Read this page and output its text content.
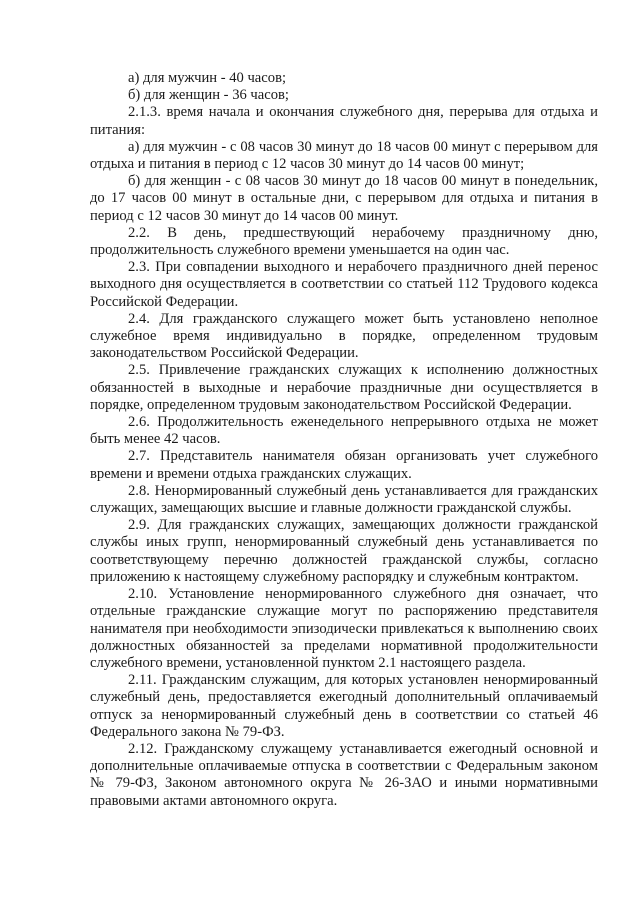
а) для мужчин - 40 часов;

б) для женщин - 36 часов;

2.1.3. время начала и окончания служебного дня, перерыва для отдыха и питания:

а) для мужчин - с 08 часов 30 минут до 18 часов 00 минут с перерывом для отдыха и питания в период с 12 часов 30 минут до 14 часов 00 минут;

б) для женщин - с 08 часов 30 минут до 18 часов 00 минут в понедельник, до 17 часов 00 минут в остальные дни, с перерывом для отдыха и питания в период с 12 часов 30 минут до 14 часов 00 минут.

2.2. В день, предшествующий нерабочему праздничному дню, продолжительность служебного времени уменьшается на один час.

2.3. При совпадении выходного и нерабочего праздничного дней перенос выходного дня осуществляется в соответствии со статьей 112 Трудового кодекса Российской Федерации.

2.4. Для гражданского служащего может быть установлено неполное служебное время индивидуально в порядке, определенном трудовым законодательством Российской Федерации.

2.5. Привлечение гражданских служащих к исполнению должностных обязанностей в выходные и нерабочие праздничные дни осуществляется в порядке, определенном трудовым законодательством Российской Федерации.

2.6. Продолжительность еженедельного непрерывного отдыха не может быть менее 42 часов.

2.7. Представитель нанимателя обязан организовать учет служебного времени и времени отдыха гражданских служащих.

2.8. Ненормированный служебный день устанавливается для гражданских служащих, замещающих высшие и главные должности гражданской службы.

2.9. Для гражданских служащих, замещающих должности гражданской службы иных групп, ненормированный служебный день устанавливается по соответствующему перечню должностей гражданской службы, согласно приложению к настоящему служебному распорядку и служебным контрактом.

2.10. Установление ненормированного служебного дня означает, что отдельные гражданские служащие могут по распоряжению представителя нанимателя при необходимости эпизодически привлекаться к выполнению своих должностных обязанностей за пределами нормативной продолжительности служебного времени, установленной пунктом 2.1 настоящего раздела.

2.11. Гражданским служащим, для которых установлен ненормированный служебный день, предоставляется ежегодный дополнительный оплачиваемый отпуск за ненормированный служебный день в соответствии со статьей 46 Федерального закона № 79-ФЗ.

2.12. Гражданскому служащему устанавливается ежегодный основной и дополнительные оплачиваемые отпуска в соответствии с Федеральным законом № 79-ФЗ, Законом автономного округа № 26-ЗАО и иными нормативными правовыми актами автономного округа.
